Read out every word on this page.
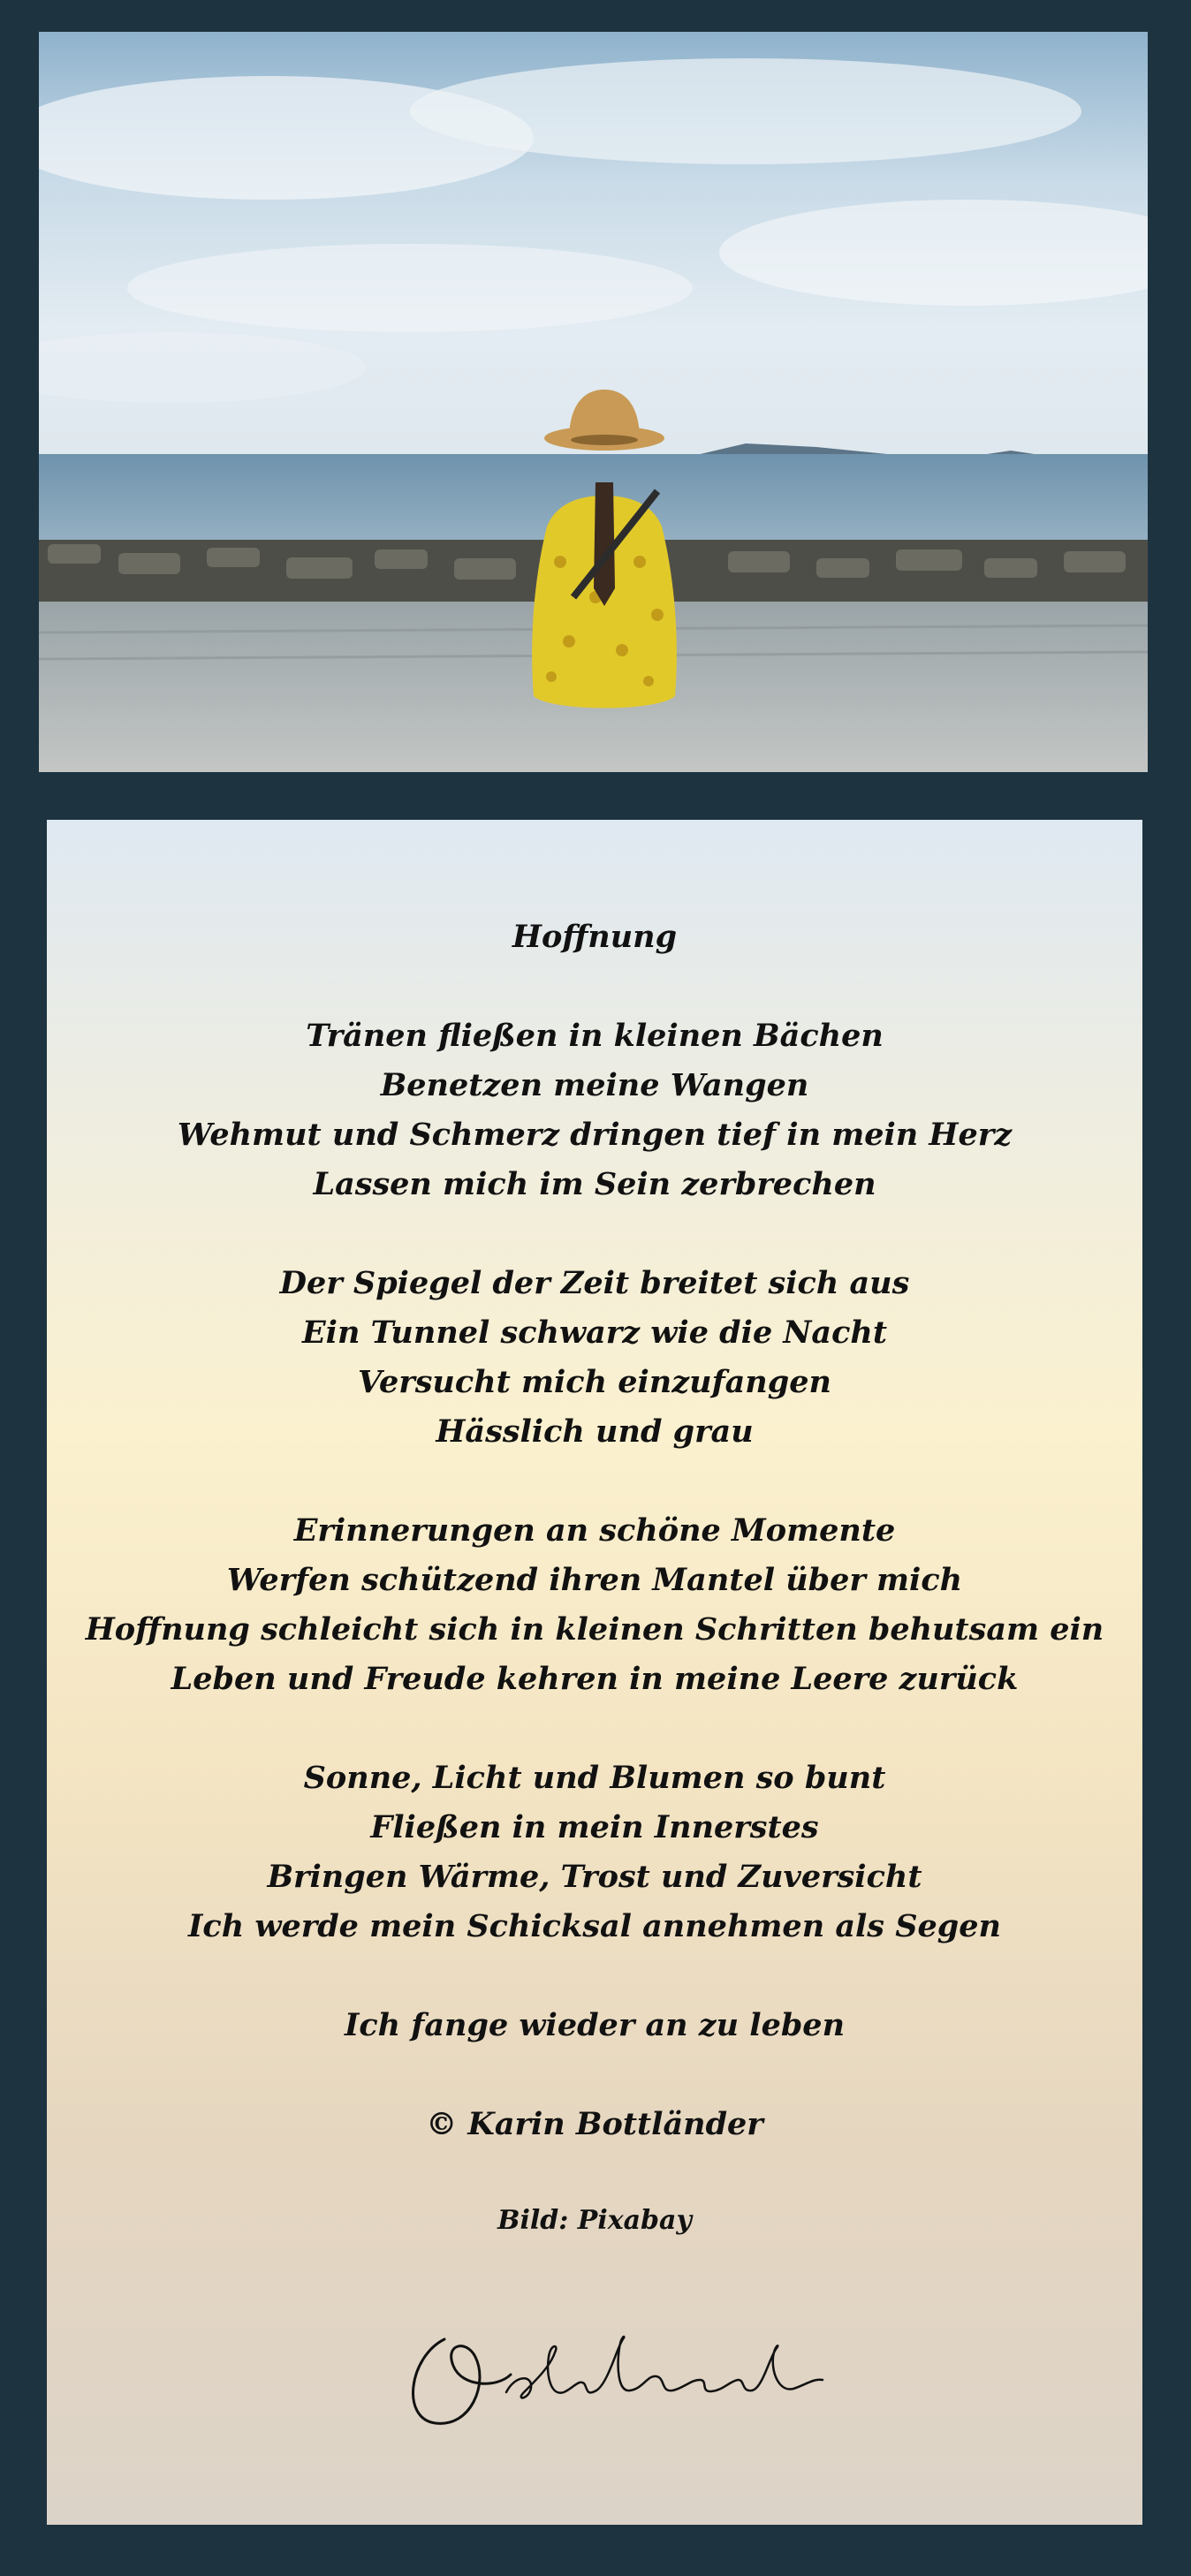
Hoffnung
Tränen fließen in kleinen Bächen
Benetzen meine Wangen
Wehmut und Schmerz dringen tief in mein Herz
Lassen mich im Sein zerbrechen
Der Spiegel der Zeit breitet sich aus
Ein Tunnel schwarz wie die Nacht
Versucht mich einzufangen
Hässlich und grau
Erinnerungen an schöne Momente
Werfen schützend ihren Mantel über mich
Hoffnung schleicht sich in kleinen Schritten behutsam ein
Leben und Freude kehren in meine Leere zurück
Sonne, Licht und Blumen so bunt
Fließen in mein Innerstes
Bringen Wärme, Trost und Zuversicht
Ich werde mein Schicksal annehmen als Segen
Ich fange wieder an zu leben
© Karin Bottländer
Bild: Pixabay
